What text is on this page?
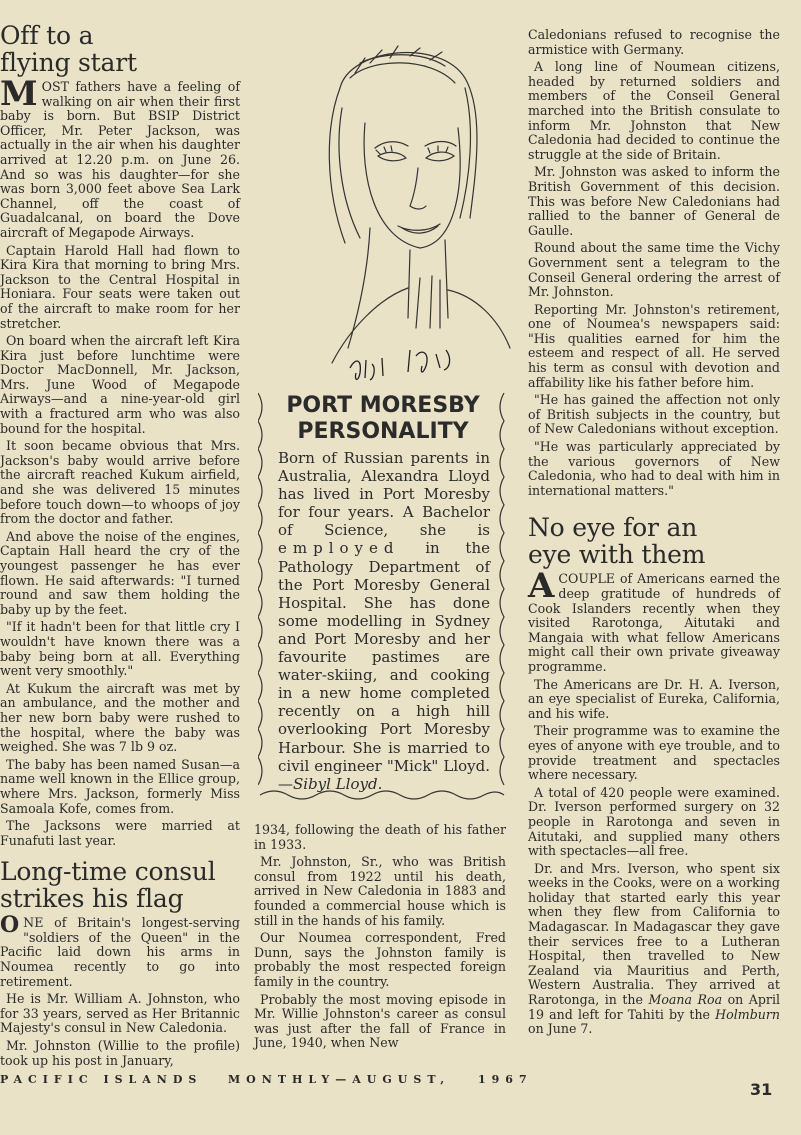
Off to a
flying start

MOST fathers have a feeling of walking on air when their first baby is born. But BSIP District Officer, Mr. Peter Jackson, was actually in the air when his daughter arrived at 12.20 p.m. on June 26. And so was his daughter—for she was born 3,000 feet above Sea Lark Channel, off the coast of Guadalcanal, on board the Dove aircraft of Megapode Airways.

Captain Harold Hall had flown to Kira Kira that morning to bring Mrs. Jackson to the Central Hospital in Honiara. Four seats were taken out of the aircraft to make room for her stretcher.

On board when the aircraft left Kira Kira just before lunchtime were Doctor MacDonnell, Mr. Jackson, Mrs. June Wood of Megapode Airways—and a nine-year-old girl with a fractured arm who was also bound for the hospital.

It soon became obvious that Mrs. Jackson's baby would arrive before the aircraft reached Kukum airfield, and she was delivered 15 minutes before touch down—to whoops of joy from the doctor and father.

And above the noise of the engines, Captain Hall heard the cry of the youngest passenger he has ever flown. He said afterwards: "I turned round and saw them holding the baby up by the feet.

"If it hadn't been for that little cry I wouldn't have known there was a baby being born at all. Everything went very smoothly."

At Kukum the aircraft was met by an ambulance, and the mother and her new born baby were rushed to the hospital, where the baby was weighed. She was 7 lb 9 oz.

The baby has been named Susan—a name well known in the Ellice group, where Mrs. Jackson, formerly Miss Samoala Kofe, comes from.

The Jacksons were married at Funafuti last year.

Long-time consul
strikes his flag

ONE of Britain's longest-serving "soldiers of the Queen" in the Pacific laid down his arms in Noumea recently to go into retirement.

He is Mr. William A. Johnston, who for 33 years, served as Her Britannic Majesty's consul in New Caledonia.

Mr. Johnston (Willie to the profile) took up his post in January,

PORT MORESBY PERSONALITY
Born of Russian parents in Australia, Alexandra Lloyd has lived in Port Moresby for four years. A Bachelor of Science, she is employed in the Pathology Department of the Port Moresby General Hospital. She has done some modelling in Sydney and Port Moresby and her favourite pastimes are water-skiing, and cooking in a new home completed recently on a high hill overlooking Port Moresby Harbour. She is married to civil engineer "Mick" Lloyd.—Sibyl Lloyd.

1934, following the death of his father in 1933.

Mr. Johnston, Sr., who was British consul from 1922 until his death, arrived in New Caledonia in 1883 and founded a commercial house which is still in the hands of his family.

Our Noumea correspondent, Fred Dunn, says the Johnston family is probably the most respected foreign family in the country.

Probably the most moving episode in Mr. Willie Johnston's career as consul was just after the fall of France in June, 1940, when New

Caledonians refused to recognise the armistice with Germany.

A long line of Noumean citizens, headed by returned soldiers and members of the Conseil General marched into the British consulate to inform Mr. Johnston that New Caledonia had decided to continue the struggle at the side of Britain.

Mr. Johnston was asked to inform the British Government of this decision. This was before New Caledonians had rallied to the banner of General de Gaulle.

Round about the same time the Vichy Government sent a telegram to the Conseil General ordering the arrest of Mr. Johnston.

Reporting Mr. Johnston's retirement, one of Noumea's newspapers said: "His qualities earned for him the esteem and respect of all. He served his term as consul with devotion and affability like his father before him.

"He has gained the affection not only of British subjects in the country, but of New Caledonians without exception.

"He was particularly appreciated by the various governors of New Caledonia, who had to deal with him in international matters."

No eye for an
eye with them

ACOUPLE of Americans earned the deep gratitude of hundreds of Cook Islanders recently when they visited Rarotonga, Aitutaki and Mangaia with what fellow Americans might call their own private giveaway programme.

The Americans are Dr. H. A. Iverson, an eye specialist of Eureka, California, and his wife.

Their programme was to examine the eyes of anyone with eye trouble, and to provide treatment and spectacles where necessary.

A total of 420 people were examined. Dr. Iverson performed surgery on 32 people in Rarotonga and seven in Aitutaki, and supplied many others with spectacles—all free.

Dr. and Mrs. Iverson, who spent six weeks in the Cooks, were on a working holiday that started early this year when they flew from California to Madagascar. In Madagascar they gave their services free to a Lutheran Hospital, then travelled to New Zealand via Mauritius and Perth, Western Australia. They arrived at Rarotonga, in the Moana Roa on April 19 and left for Tahiti by the Holmburn on June 7.

PACIFIC ISLANDS MONTHLY—AUGUST,	1967
31
